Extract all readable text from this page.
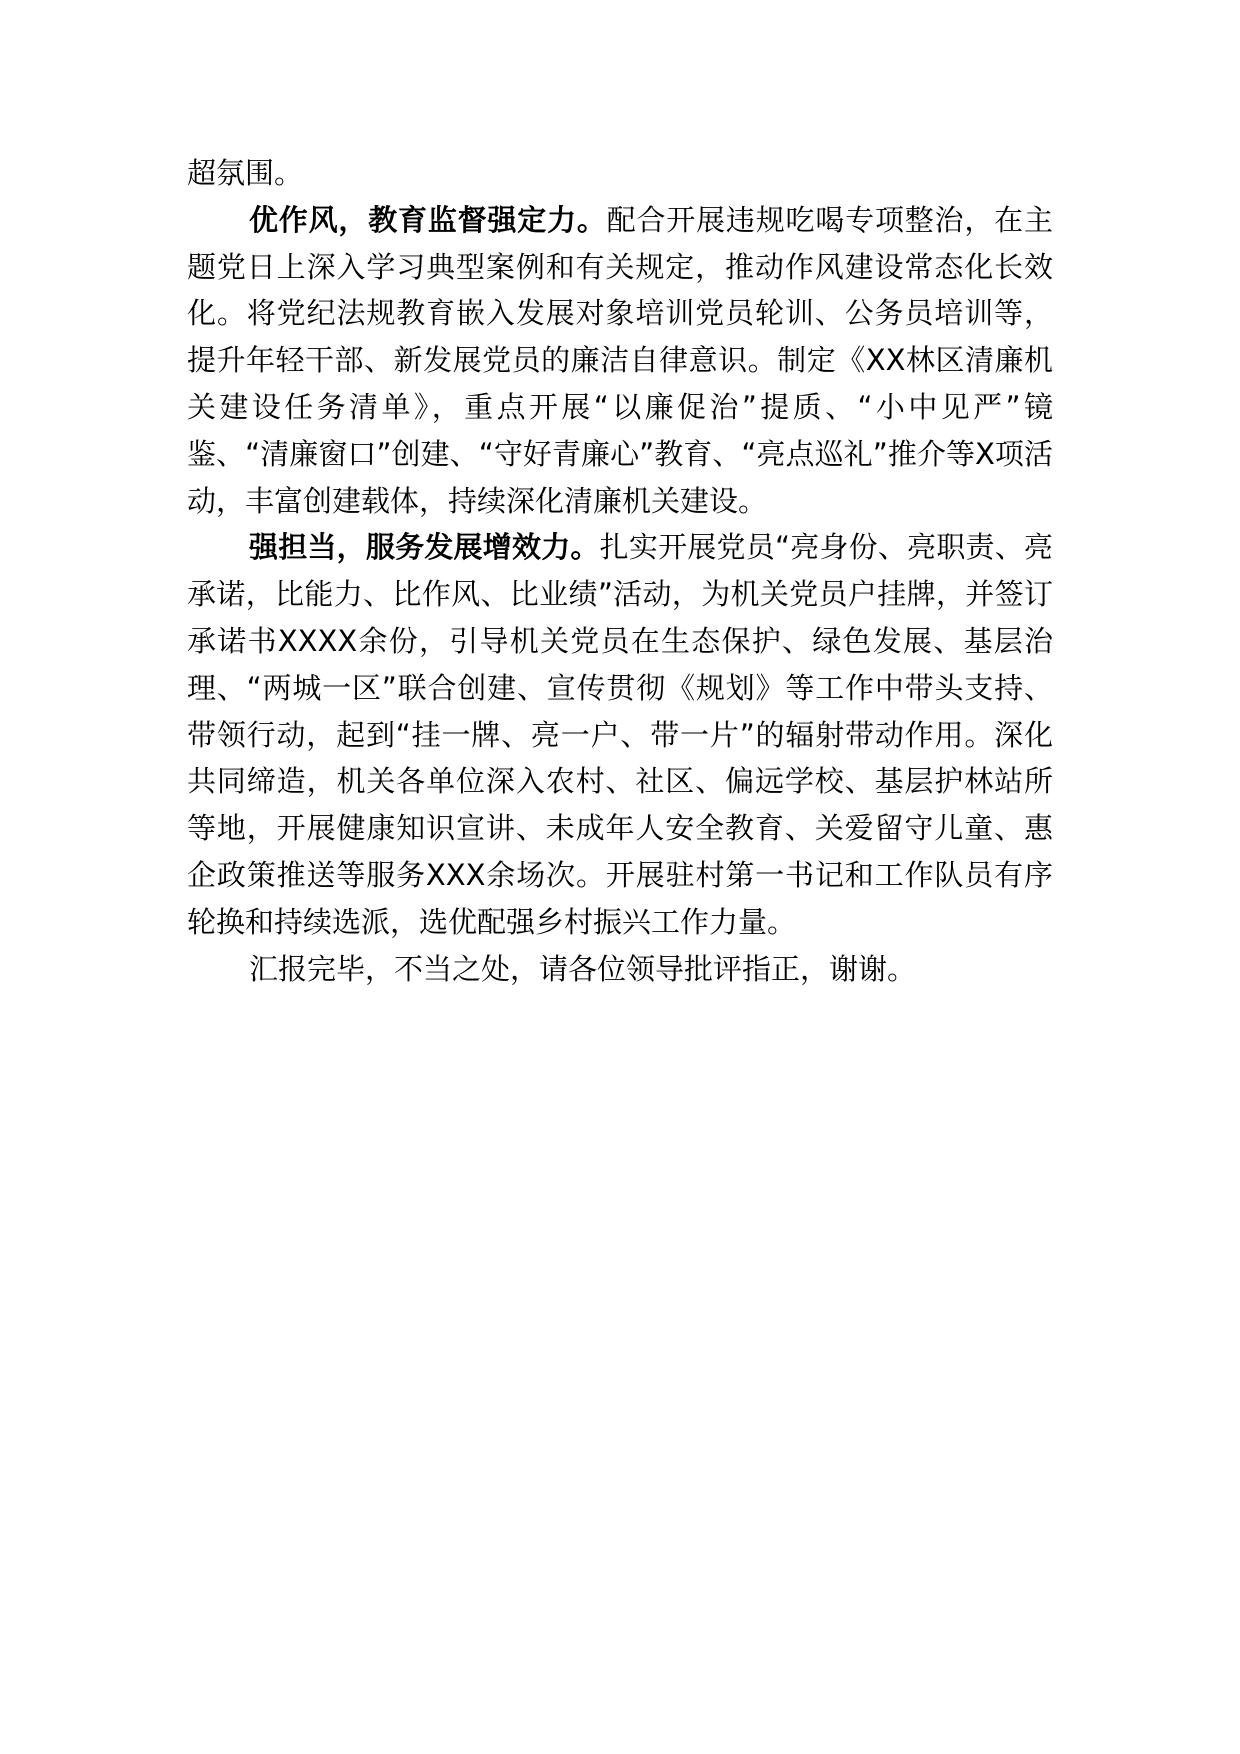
超氛围。

优作风，教育监督强定力。配合开展违规吃喝专项整治，在主题党日上深入学习典型案例和有关规定，推动作风建设常态化长效化。将党纪法规教育嵌入发展对象培训党员轮训、公务员培训等，提升年轻干部、新发展党员的廉洁自律意识。制定《XX林区清廉机关建设任务清单》，重点开展“以廉促治”提质、“小中见严”镜鉴、“清廉窗口”创建、“守好青廉心”教育、“亮点巡礼”推介等X项活动，丰富创建载体，持续深化清廉机关建设。

强担当，服务发展增效力。扎实开展党员“亮身份、亮职责、亮承诺，比能力、比作风、比业绩”活动，为机关党员户挂牌，并签订承诺书XXXX余份，引导机关党员在生态保护、绿色发展、基层治理、“两城一区”联合创建、宣传贯彻《规划》等工作中带头支持、带领行动，起到“挂一牌、亮一户、带一片”的辐射带动作用。深化共同缔造，机关各单位深入农村、社区、偏远学校、基层护林站所等地，开展健康知识宣讲、未成年人安全教育、关爱留守儿童、惠企政策推送等服务XXX余场次。开展驻村第一书记和工作队员有序轮换和持续选派，选优配强乡村振兴工作力量。

汇报完毕，不当之处，请各位领导批评指正，谢谢。
